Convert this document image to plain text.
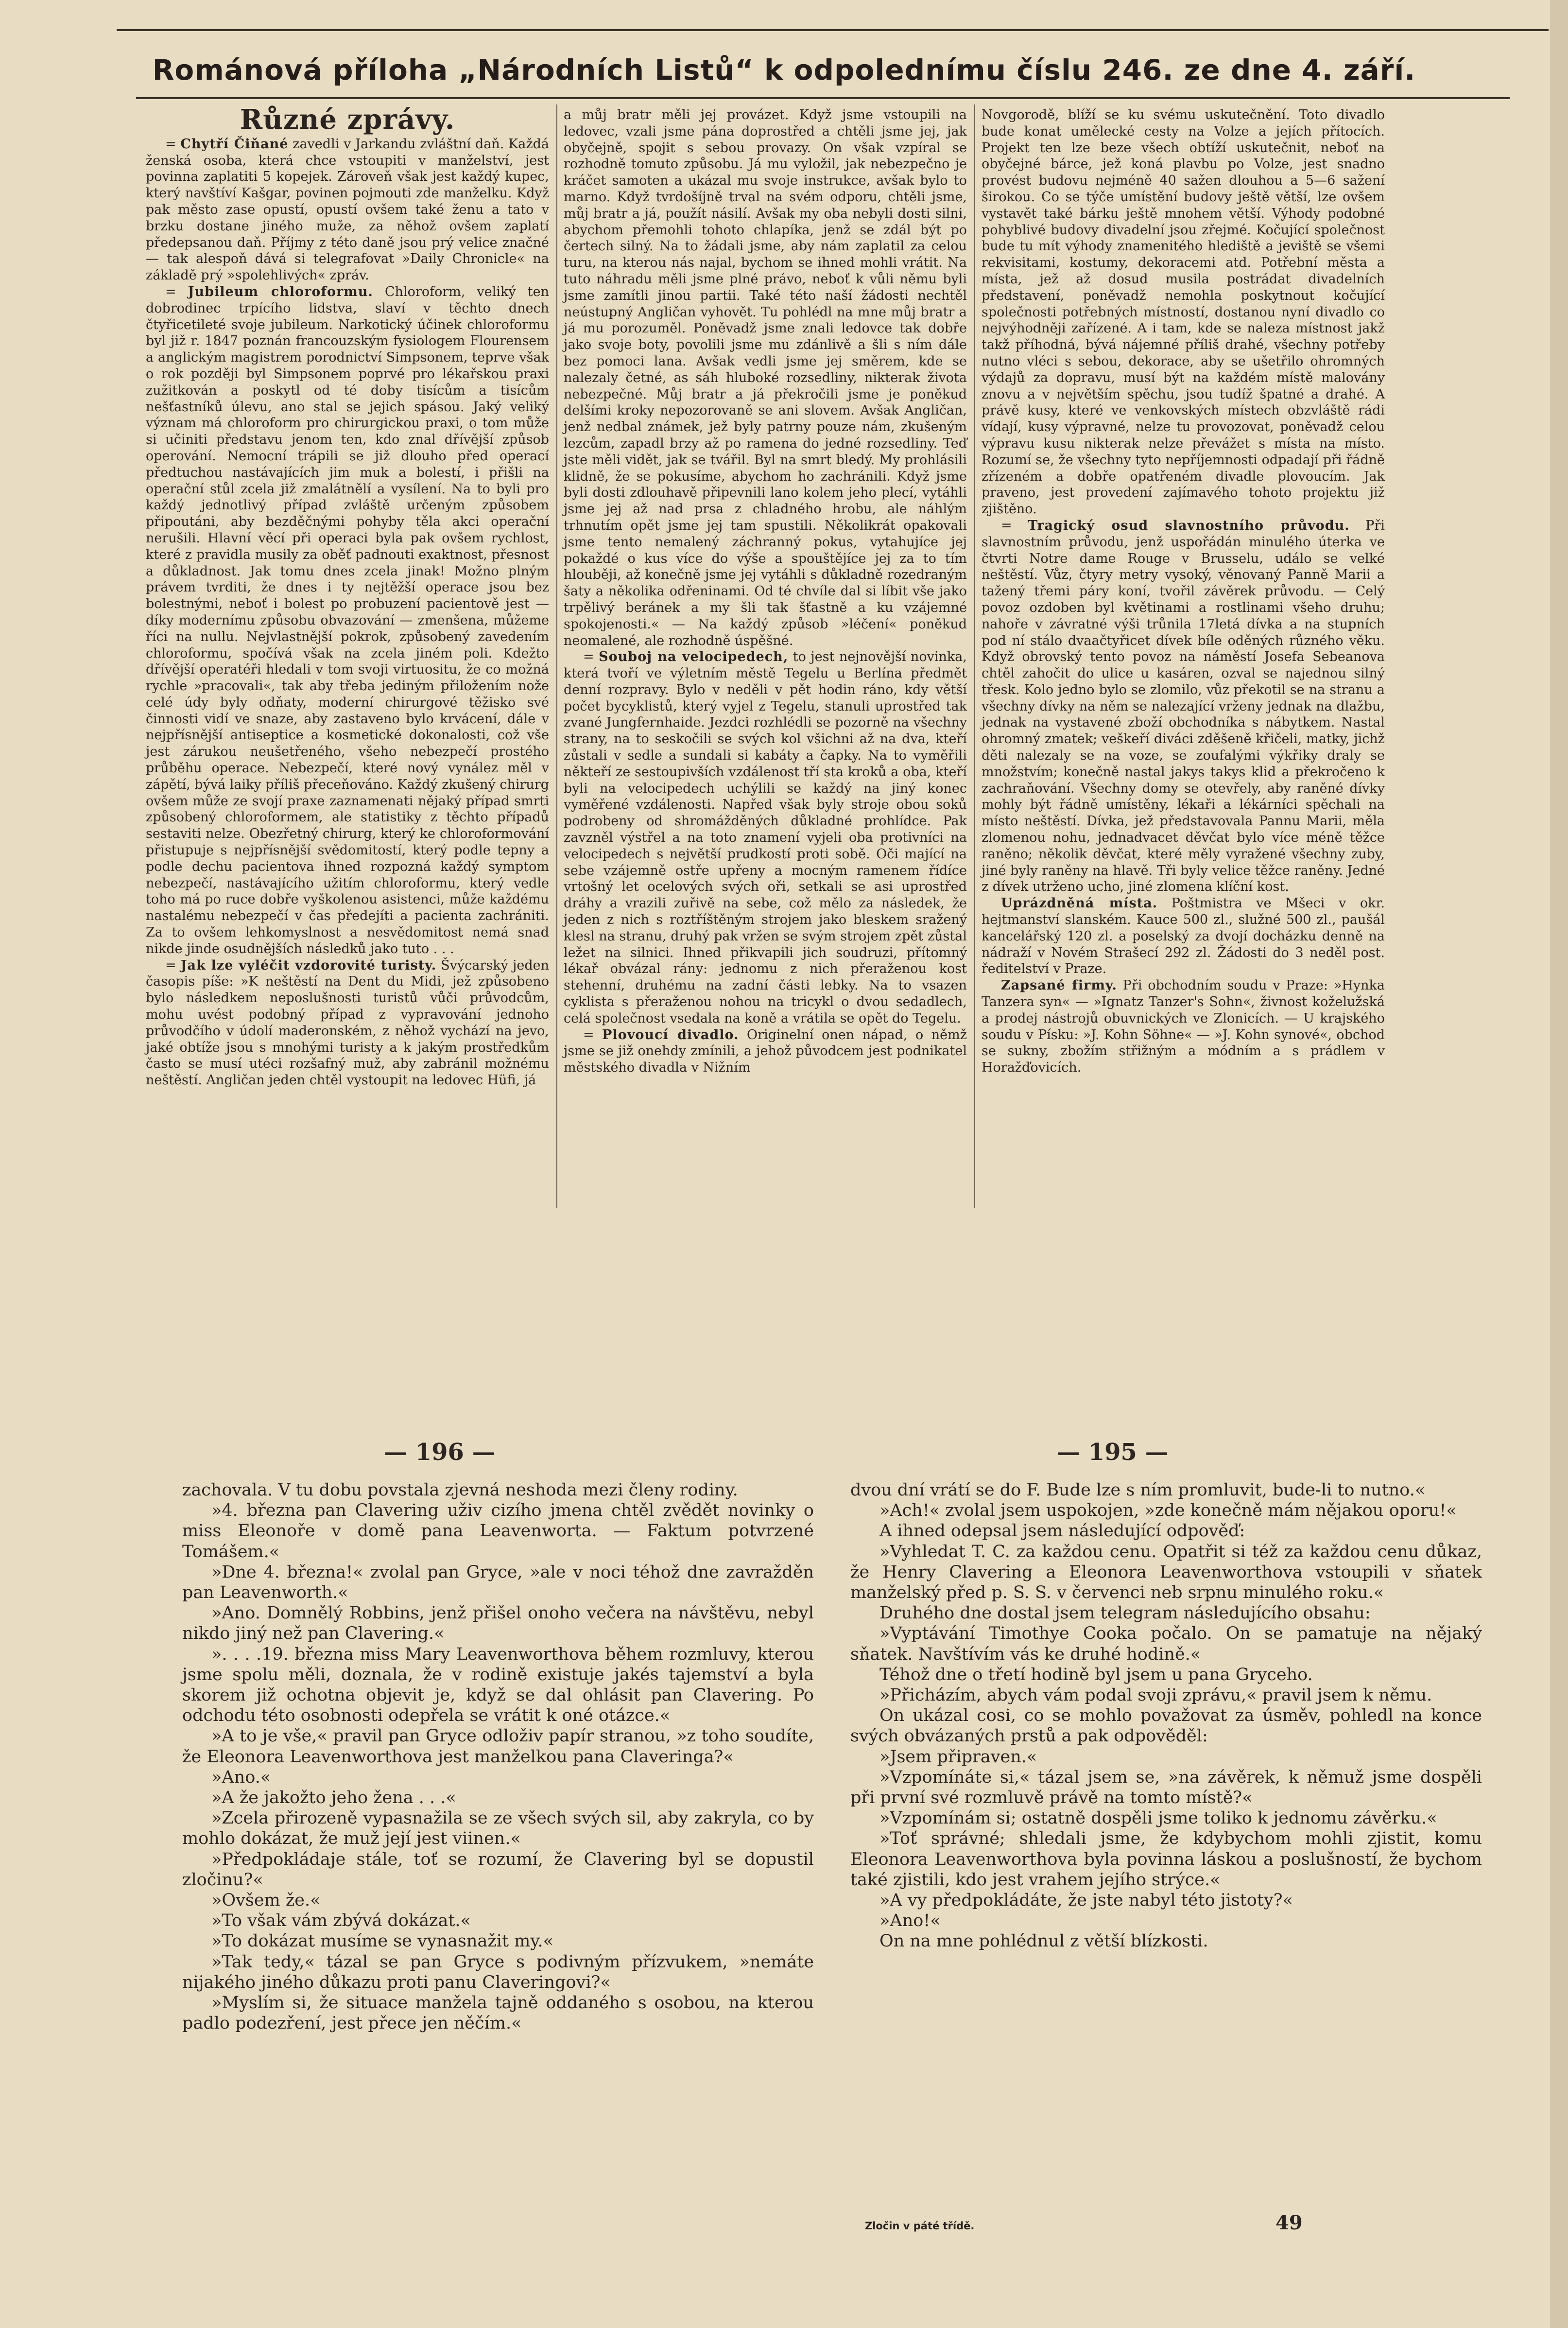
Románová příloha „Národních Listů“ k odpolednímu číslu 246. ze dne 4. září.
Různé zprávy.

= Chytří Čiňané zavedli v Jarkandu zvláštní daň. Každá ženská osoba, která chce vstoupiti v manželství, jest povinna zaplatiti 5 kopejek. Zároveň však jest každý kupec, který navštíví Kašgar, povinen pojmouti zde manželku. Když pak město zase opustí, opustí ovšem také ženu a tato v brzku dostane jiného muže, za něhož ovšem zaplatí předepsanou daň. Příjmy z této daně jsou prý velice značné — tak alespoň dává si telegrafovat »Daily Chronicle« na základě prý »spolehlivých« zpráv.

= Jubileum chloroformu. Chloroform, veliký ten dobrodinec trpícího lidstva, slaví v těchto dnech čtyřicetileté svoje jubileum. Narkotický účinek chloroformu byl již r. 1847 poznán francouzským fysiologem Flourensem a anglickým magistrem porodnictví Simpsonem, teprve však o rok později byl Simpsonem poprvé pro lékařskou praxi zužitkován a poskytl od té doby tisícům a tisícům nešťastníků úlevu, ano stal se jejich spásou. Jaký veliký význam má chloroform pro chirurgickou praxi, o tom může si učiniti představu jenom ten, kdo znal dřívější způsob operování. Nemocní trápili se již dlouho před operací předtuchou nastávajících jim muk a bolestí, i přišli na operační stůl zcela již zmalátnělí a vysílení. Na to byli pro každý jednotlivý případ zvláště určeným způsobem připoutáni, aby bezděčnými pohyby těla akci operační nerušili. Hlavní věcí při operaci byla pak ovšem rychlost, které z pravidla musily za oběť padnouti exaktnost, přesnost a důkladnost. Jak tomu dnes zcela jinak! Možno plným právem tvrditi, že dnes i ty nejtěžší operace jsou bez bolestnými, neboť i bolest po probuzení pacientově jest — díky modernímu způsobu obvazování — zmenšena, můžeme říci na nullu. Nejvlastnější pokrok, způsobený zavedením chloroformu, spočívá však na zcela jiném poli. Kdežto dřívější operatéři hledali v tom svoji virtuositu, že co možná rychle »pracovali«, tak aby třeba jediným přiložením nože celé údy byly odňaty, moderní chirurgové těžisko své činnosti vidí ve snaze, aby zastaveno bylo krvácení, dále v nejpřísnější antiseptice a kosmetické dokonalosti, což vše jest zárukou neušetřeného, všeho nebezpečí prostého průběhu operace. Nebezpečí, které nový vynález měl v zápětí, bývá laiky příliš přeceňováno. Každý zkušený chirurg ovšem může ze svojí praxe zaznamenati nějaký případ smrti způsobený chloroformem, ale statistiky z těchto případů sestaviti nelze. Obezřetný chirurg, který ke chloroformování přistupuje s nejpřísnější svědomitostí, který podle tepny a podle dechu pacientova ihned rozpozná každý symptom nebezpečí, nastávajícího užitím chloroformu, který vedle toho má po ruce dobře vyškolenou asistenci, může každému nastalému nebezpečí v čas předejíti a pacienta zachrániti. Za to ovšem lehkomyslnost a nesvědomitost nemá snad nikde jinde osudnějších následků jako tuto . . .

= Jak lze vyléčit vzdorovité turisty. Švýcarský jeden časopis píše: »K neštěstí na Dent du Midi, jež způsobeno bylo následkem neposlušnosti turistů vůči průvodcům, mohu uvést podobný případ z vypravování jednoho průvodčího v údolí maderonském, z něhož vychází na jevo, jaké obtíže jsou s mnohými turisty a k jakým prostředkům často se musí utéci rozšafný muž, aby zabránil možnému neštěstí. Angličan jeden chtěl vystoupit na ledovec Hüfi, já

a můj bratr měli jej provázet. Když jsme vstoupili na ledovec, vzali jsme pána doprostřed a chtěli jsme jej, jak obyčejně, spojit s sebou provazy. On však vzpíral se rozhodně tomuto způsobu. Já mu vyložil, jak nebezpečno je kráčet samoten a ukázal mu svoje instrukce, avšak bylo to marno. Když tvrdošíjně trval na svém odporu, chtěli jsme, můj bratr a já, použít násilí. Avšak my oba nebyli dosti silni, abychom přemohli tohoto chlapíka, jenž se zdál být po čertech silný. Na to žádali jsme, aby nám zaplatil za celou turu, na kterou nás najal, bychom se ihned mohli vrátit. Na tuto náhradu měli jsme plné právo, neboť k vůli němu byli jsme zamítli jinou partii. Také této naší žádosti nechtěl neústupný Angličan vyhovět. Tu pohlédl na mne můj bratr a já mu porozuměl. Poněvadž jsme znali ledovce tak dobře jako svoje boty, povolili jsme mu zdánlivě a šli s ním dále bez pomoci lana. Avšak vedli jsme jej směrem, kde se nalezaly četné, as sáh hluboké rozsedliny, nikterak života nebezpečné. Můj bratr a já překročili jsme je poněkud delšími kroky nepozorovaně se ani slovem. Avšak Angličan, jenž nedbal známek, jež byly patrny pouze nám, zkušeným lezcům, zapadl brzy až po ramena do jedné rozsedliny. Teď jste měli vidět, jak se tvářil. Byl na smrt bledý. My prohlásili klidně, že se pokusíme, abychom ho zachránili. Když jsme byli dosti zdlouhavě připevnili lano kolem jeho plecí, vytáhli jsme jej až nad prsa z chladného hrobu, ale náhlým trhnutím opět jsme jej tam spustili. Několikrát opakovali jsme tento nemalený záchranný pokus, vytahujíce jej pokaždé o kus více do výše a spouštějíce jej za to tím hlouběji, až konečně jsme jej vytáhli s důkladně rozedraným šaty a několika odřeninami. Od té chvíle dal si líbit vše jako trpělivý beránek a my šli tak šťastně a ku vzájemné spokojenosti.« — Na každý způsob »léčení« poněkud neomalené, ale rozhodně úspěšné.

= Souboj na velocipedech, to jest nejnovější novinka, která tvoří ve výletním městě Tegelu u Berlína předmět denní rozpravy. Bylo v neděli v pět hodin ráno, kdy větší počet bycyklistů, který vyjel z Tegelu, stanuli uprostřed tak zvané Jungfernhaide. Jezdci rozhlédli se pozorně na všechny strany, na to seskočili se svých kol všichni až na dva, kteří zůstali v sedle a sundali si kabáty a čapky. Na to vyměřili někteří ze sestoupivších vzdálenost tří sta kroků a oba, kteří byli na velocipedech uchýlili se každý na jiný konec vyměřené vzdálenosti. Napřed však byly stroje obou soků podrobeny od shromážděných důkladné prohlídce. Pak zavzněl výstřel a na toto znamení vyjeli oba protivníci na velocipedech s největší prudkostí proti sobě. Oči mající na sebe vzájemně ostře upřeny a mocným ramenem řídíce vrtošný let ocelových svých oři, setkali se asi uprostřed dráhy a vrazili zuřivě na sebe, což mělo za následek, že jeden z nich s roztříštěným strojem jako bleskem sražený klesl na stranu, druhý pak vržen se svým strojem zpět zůstal ležet na silnici. Ihned přikvapili jich soudruzi, přítomný lékař obvázal rány: jednomu z nich přeraženou kost stehenní, druhému na zadní části lebky. Na to vsazen cyklista s přeraženou nohou na tricykl o dvou sedadlech, celá společnost vsedala na koně a vrátila se opět do Tegelu.

= Plovoucí divadlo. Originelní onen nápad, o němž jsme se již onehdy zmínili, a jehož původcem jest podnikatel městského divadla v Nižním

Novgorodě, blíží se ku svému uskutečnění. Toto divadlo bude konat umělecké cesty na Volze a jejích přítocích. Projekt ten lze beze všech obtíží uskutečnit, neboť na obyčejné bárce, jež koná plavbu po Volze, jest snadno provést budovu nejméně 40 sažen dlouhou a 5—6 sažení širokou. Co se týče umístění budovy ještě větší, lze ovšem vystavět také bárku ještě mnohem větší. Výhody podobné pohyblivé budovy divadelní jsou zřejmé. Kočující společnost bude tu mít výhody znamenitého hlediště a jeviště se všemi rekvisitami, kostumy, dekoracemi atd. Potřební města a místa, jež až dosud musila postrádat divadelních představení, poněvadž nemohla poskytnout kočující společnosti potřebných místností, dostanou nyní divadlo co nejvýhodněji zařízené. A i tam, kde se naleza místnost jakž takž příhodná, bývá nájemné příliš drahé, všechny potřeby nutno vléci s sebou, dekorace, aby se ušetřilo ohromných výdajů za dopravu, musí být na každém místě malovány znovu a v největším spěchu, jsou tudíž špatné a drahé. A právě kusy, které ve venkovských místech obzvláště rádi vídají, kusy výpravné, nelze tu provozovat, poněvadž celou výpravu kusu nikterak nelze převážet s místa na místo. Rozumí se, že všechny tyto nepříjemnosti odpadají při řádně zřízeném a dobře opatřeném divadle plovoucím. Jak praveno, jest provedení zajímavého tohoto projektu již zjištěno.

= Tragický osud slavnostního průvodu. Při slavnostním průvodu, jenž uspořádán minulého úterka ve čtvrti Notre dame Rouge v Brusselu, událo se velké neštěstí. Vůz, čtyry metry vysoký, věnovaný Panně Marii a tažený třemi páry koní, tvořil závěrek průvodu. — Celý povoz ozdoben byl květinami a rostlinami všeho druhu; nahoře v závratné výši trůnila 17letá dívka a na stupních pod ní stálo dvaačtyřicet dívek bíle oděných různého věku. Když obrovský tento povoz na náměstí Josefa Sebeanova chtěl zahočit do ulice u kasáren, ozval se najednou silný třesk. Kolo jedno bylo se zlomilo, vůz překotil se na stranu a všechny dívky na něm se nalezající vrženy jednak na dlažbu, jednak na vystavené zboží obchodníka s nábytkem. Nastal ohromný zmatek; veškeří diváci zděšeně křičeli, matky, jichž děti nalezaly se na voze, se zoufalými výkřiky draly se množstvím; konečně nastal jakys takys klid a překročeno k zachraňování. Všechny domy se otevřely, aby raněné dívky mohly být řádně umístěny, lékaři a lékárníci spěchali na místo neštěstí. Dívka, jež představovala Pannu Marii, měla zlomenou nohu, jednadvacet děvčat bylo více méně těžce raněno; několik děvčat, které měly vyražené všechny zuby, jiné byly raněny na hlavě. Tři byly velice těžce raněny. Jedné z dívek utrženo ucho, jiné zlomena klíční kost.

Uprázdněná místa. Poštmistra ve Mšeci v okr. hejtmanství slanském. Kauce 500 zl., služné 500 zl., paušál kancelářský 120 zl. a poselský za dvojí docházku denně na nádraží v Novém Strašecí 292 zl. Žádosti do 3 neděl post. ředitelství v Praze.

Zapsané firmy. Při obchodním soudu v Praze: »Hynka Tanzera syn« — »Ignatz Tanzer's Sohn«, živnost koželužská a prodej nástrojů obuvnických ve Zlonicích. — U krajského soudu v Písku: »J. Kohn Söhne« — »J. Kohn synové«, obchod se sukny, zbožím střižným a módním a s prádlem v Horažďovicích.

— 196 —	— 195 —

zachovala. V tu dobu povstala zjevná neshoda mezi členy rodiny.

»4. března pan Clavering uživ cizího jmena chtěl zvědět novinky o miss Eleonoře v domě pana Leavenworta. — Faktum potvrzené Tomášem.«

»Dne 4. března!« zvolal pan Gryce, »ale v noci téhož dne zavražděn pan Leavenworth.«

»Ano. Domnělý Robbins, jenž přišel onoho večera na návštěvu, nebyl nikdo jiný než pan Clavering.«

». . . .19. března miss Mary Leavenworthova během rozmluvy, kterou jsme spolu měli, doznala, že v rodině existuje jakés tajemství a byla skorem již ochotna objevit je, když se dal ohlásit pan Clavering. Po odchodu této osobnosti odepřela se vrátit k oné otázce.«

»A to je vše,« pravil pan Gryce odloživ papír stranou, »z toho soudíte, že Eleonora Leavenworthova jest manželkou pana Claveringa?«

»Ano.«

»A že jakožto jeho žena . . .«

»Zcela přirozeně vypasnažila se ze všech svých sil, aby zakryla, co by mohlo dokázat, že muž její jest viinen.«

»Předpokládaje stále, toť se rozumí, že Clavering byl se dopustil zločinu?«

»Ovšem že.«

»To však vám zbývá dokázat.«

»To dokázat musíme se vynasnažit my.«

»Tak tedy,« tázal se pan Gryce s podivným přízvukem, »nemáte nijakého jiného důkazu proti panu Claveringovi?«

»Myslím si, že situace manžela tajně oddaného s osobou, na kterou padlo podezření, jest přece jen něčím.«

dvou dní vrátí se do F. Bude lze s ním promluvit, bude-li to nutno.«

»Ach!« zvolal jsem uspokojen, »zde konečně mám nějakou oporu!«

A ihned odepsal jsem následující odpověď:

»Vyhledat T. C. za každou cenu. Opatřit si též za každou cenu důkaz, že Henry Clavering a Eleonora Leavenworthova vstoupili v sňatek manželský před p. S. S. v červenci neb srpnu minulého roku.«

Druhého dne dostal jsem telegram následujícího obsahu:

»Vyptávání Timothye Cooka počalo. On se pamatuje na nějaký sňatek. Navštívím vás ke druhé hodině.«

Téhož dne o třetí hodině byl jsem u pana Gryceho.

»Přicházím, abych vám podal svoji zprávu,« pravil jsem k němu.

On ukázal cosi, co se mohlo považovat za úsměv, pohledl na konce svých obvázaných prstů a pak odpověděl:

»Jsem připraven.«

»Vzpomínáte si,« tázal jsem se, »na závěrek, k němuž jsme dospěli při první své rozmluvě právě na tomto místě?«

»Vzpomínám si; ostatně dospěli jsme toliko k jednomu závěrku.«

»Toť správné; shledali jsme, že kdybychom mohli zjistit, komu Eleonora Leavenworthova byla povinna láskou a poslušností, že bychom také zjistili, kdo jest vrahem jejího strýce.«

»A vy předpokládáte, že jste nabyl této jistoty?«

»Ano!«

On na mne pohlédnul z větší blízkosti.

Zločin v páté třídě.	49
